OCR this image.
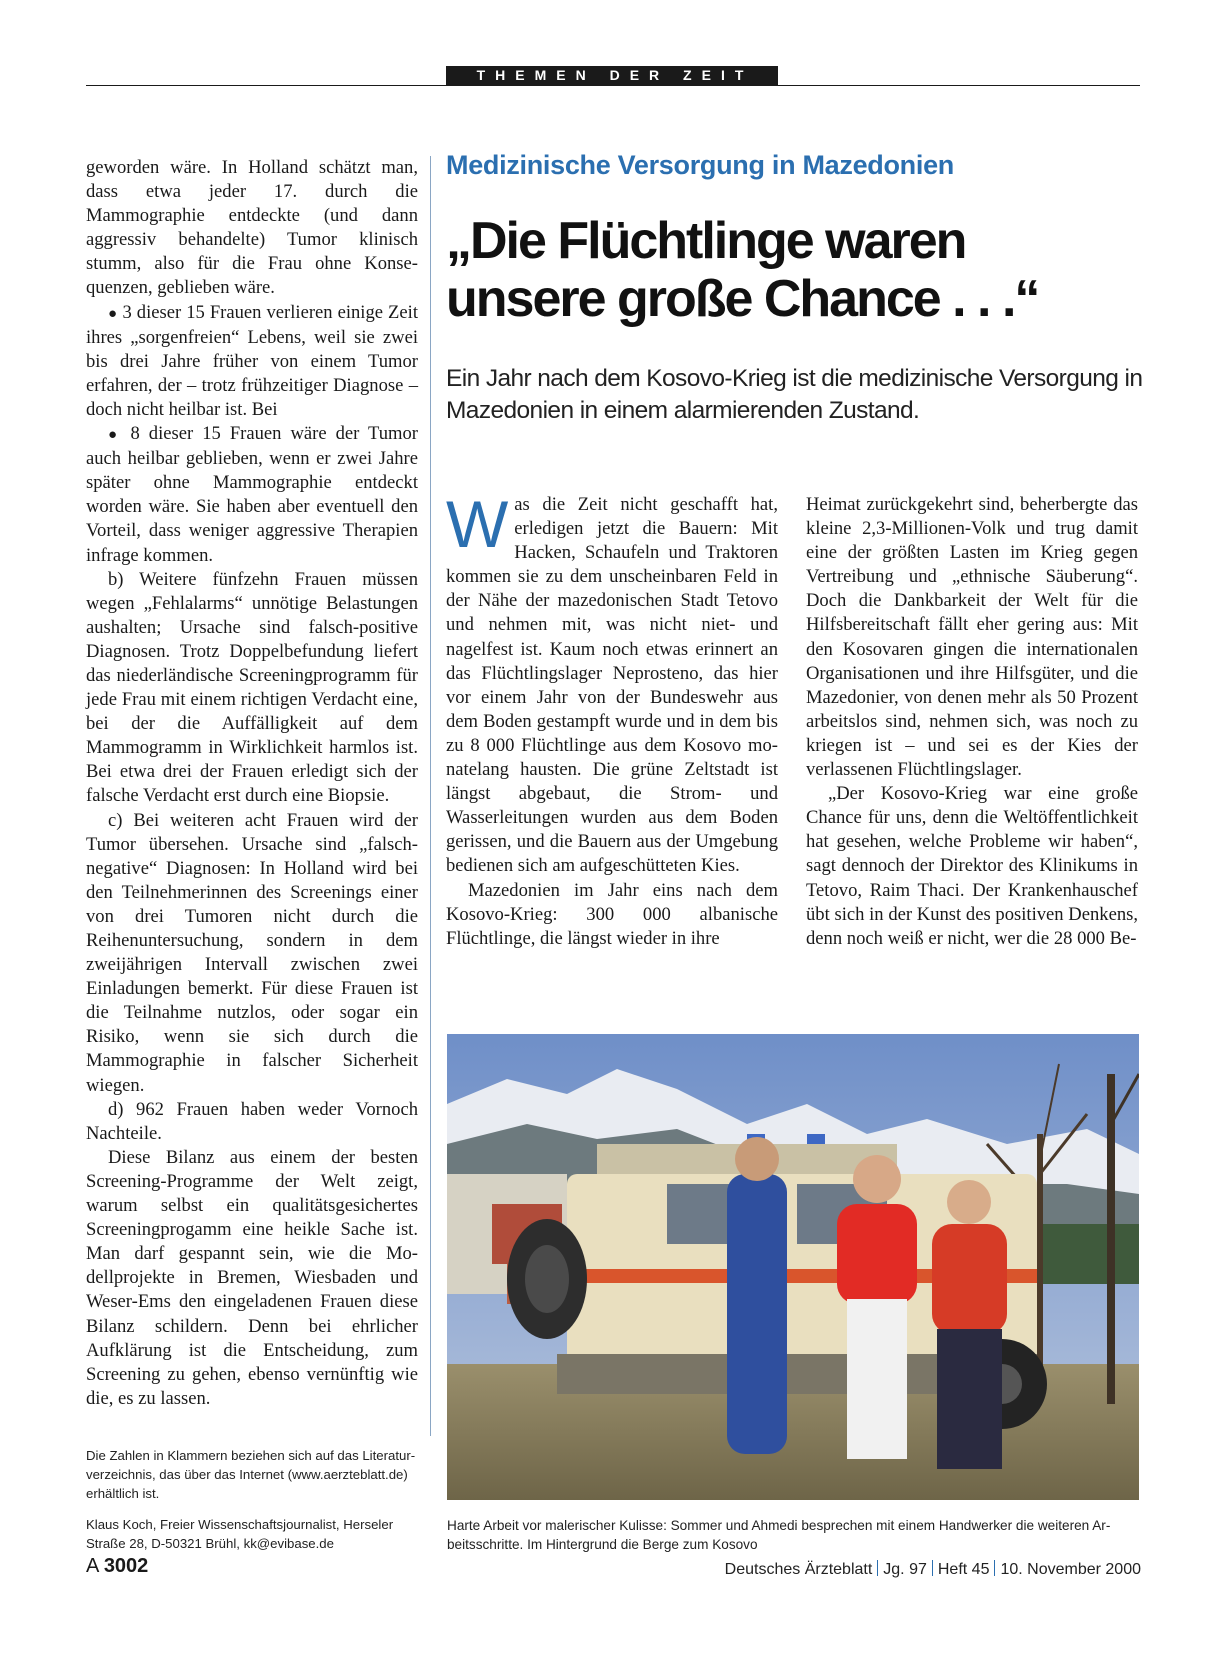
THEMEN DER ZEIT

geworden wäre. In Holland schätzt man, dass etwa jeder 17. durch die Mammographie entdeckte (und dann aggressiv behandelte) Tumor klinisch stumm, also für die Frau ohne Konsequenzen, geblieben wäre.

● 3 dieser 15 Frauen verlieren einige Zeit ihres „sorgenfreien“ Lebens, weil sie zwei bis drei Jahre früher von einem Tumor erfahren, der – trotz frühzeitiger Diagnose – doch nicht heilbar ist. Bei

● 8 dieser 15 Frauen wäre der Tumor auch heilbar geblieben, wenn er zwei Jahre später ohne Mammographie entdeckt worden wäre. Sie haben aber eventuell den Vorteil, dass weniger aggressive Therapien infrage kommen.

b) Weitere fünfzehn Frauen müssen wegen „Fehlalarms“ unnötige Belastungen aushalten; Ursache sind falsch-positive Diagnosen. Trotz Doppelbefundung liefert das niederländische Screeningprogramm für jede Frau mit einem richtigen Verdacht eine, bei der die Auffälligkeit auf dem Mammogramm in Wirklichkeit harmlos ist. Bei etwa drei der Frauen erledigt sich der falsche Verdacht erst durch eine Biopsie.

c) Bei weiteren acht Frauen wird der Tumor übersehen. Ursache sind „falsch-negative“ Diagnosen: In Holland wird bei den Teilnehmerinnen des Screenings einer von drei Tumoren nicht durch die Reihenuntersuchung, sondern in dem zweijährigen Intervall zwischen zwei Einladungen bemerkt. Für diese Frauen ist die Teilnahme nutzlos, oder sogar ein Risiko, wenn sie sich durch die Mammographie in falscher Sicherheit wiegen.

d) 962 Frauen haben weder Vornoch Nachteile.

Diese Bilanz aus einem der besten Screening-Programme der Welt zeigt, warum selbst ein qualitätsgesichertes Screeningprogamm eine heikle Sache ist. Man darf gespannt sein, wie die Modellprojekte in Bremen, Wiesbaden und Weser-Ems den eingeladenen Frauen diese Bilanz schildern. Denn bei ehrlicher Aufklärung ist die Entscheidung, zum Screening zu gehen, ebenso vernünftig wie die, es zu lassen.

Die Zahlen in Klammern beziehen sich auf das Literaturverzeichnis, das über das Internet (www.aerzteblatt.de) erhältlich ist.

Klaus Koch, Freier Wissenschaftsjournalist, Herseler Straße 28, D-50321 Brühl, kk@evibase.de

Medizinische Versorgung in Mazedonien
„Die Flüchtlinge waren
unsere große Chance . . .“

Ein Jahr nach dem Kosovo-Krieg ist die medizinische Versorgung in Mazedonien in einem alarmierenden Zustand.

Was die Zeit nicht geschafft hat, erledigen jetzt die Bauern: Mit Hacken, Schaufeln und Traktoren kommen sie zu dem unscheinbaren Feld in der Nähe der mazedonischen Stadt Tetovo und nehmen mit, was nicht niet- und nagelfest ist. Kaum noch etwas erinnert an das Flüchtlingslager Neprosteno, das hier vor einem Jahr von der Bundeswehr aus dem Boden gestampft wurde und in dem bis zu 8 000 Flüchtlinge aus dem Kosovo monatelang hausten. Die grüne Zeltstadt ist längst abgebaut, die Strom- und Wasserleitungen wurden aus dem Boden gerissen, und die Bauern aus der Umgebung bedienen sich am aufgeschütteten Kies.

Mazedonien im Jahr eins nach dem Kosovo-Krieg: 300 000 albanische Flüchtlinge, die längst wieder in ihre

Heimat zurückgekehrt sind, beherbergte das kleine 2,3-Millionen-Volk und trug damit eine der größten Lasten im Krieg gegen Vertreibung und „ethnische Säuberung“. Doch die Dankbarkeit der Welt für die Hilfsbereitschaft fällt eher gering aus: Mit den Kosovaren gingen die internationalen Organisationen und ihre Hilfsgüter, und die Mazedonier, von denen mehr als 50 Prozent arbeitslos sind, nehmen sich, was noch zu kriegen ist – und sei es der Kies der verlassenen Flüchtlingslager.

„Der Kosovo-Krieg war eine große Chance für uns, denn die Weltöffentlichkeit hat gesehen, welche Probleme wir haben“, sagt dennoch der Direktor des Klinikums in Tetovo, Raim Thaci. Der Krankenhauschef übt sich in der Kunst des positiven Denkens, denn noch weiß er nicht, wer die 28 000 Be-

Harte Arbeit vor malerischer Kulisse: Sommer und Ahmedi besprechen mit einem Handwerker die weiteren Arbeitsschritte. Im Hintergrund die Berge zum Kosovo

A 3002	Deutsches Ärzteblatt Jg. 97 Heft 45 10. November 2000
